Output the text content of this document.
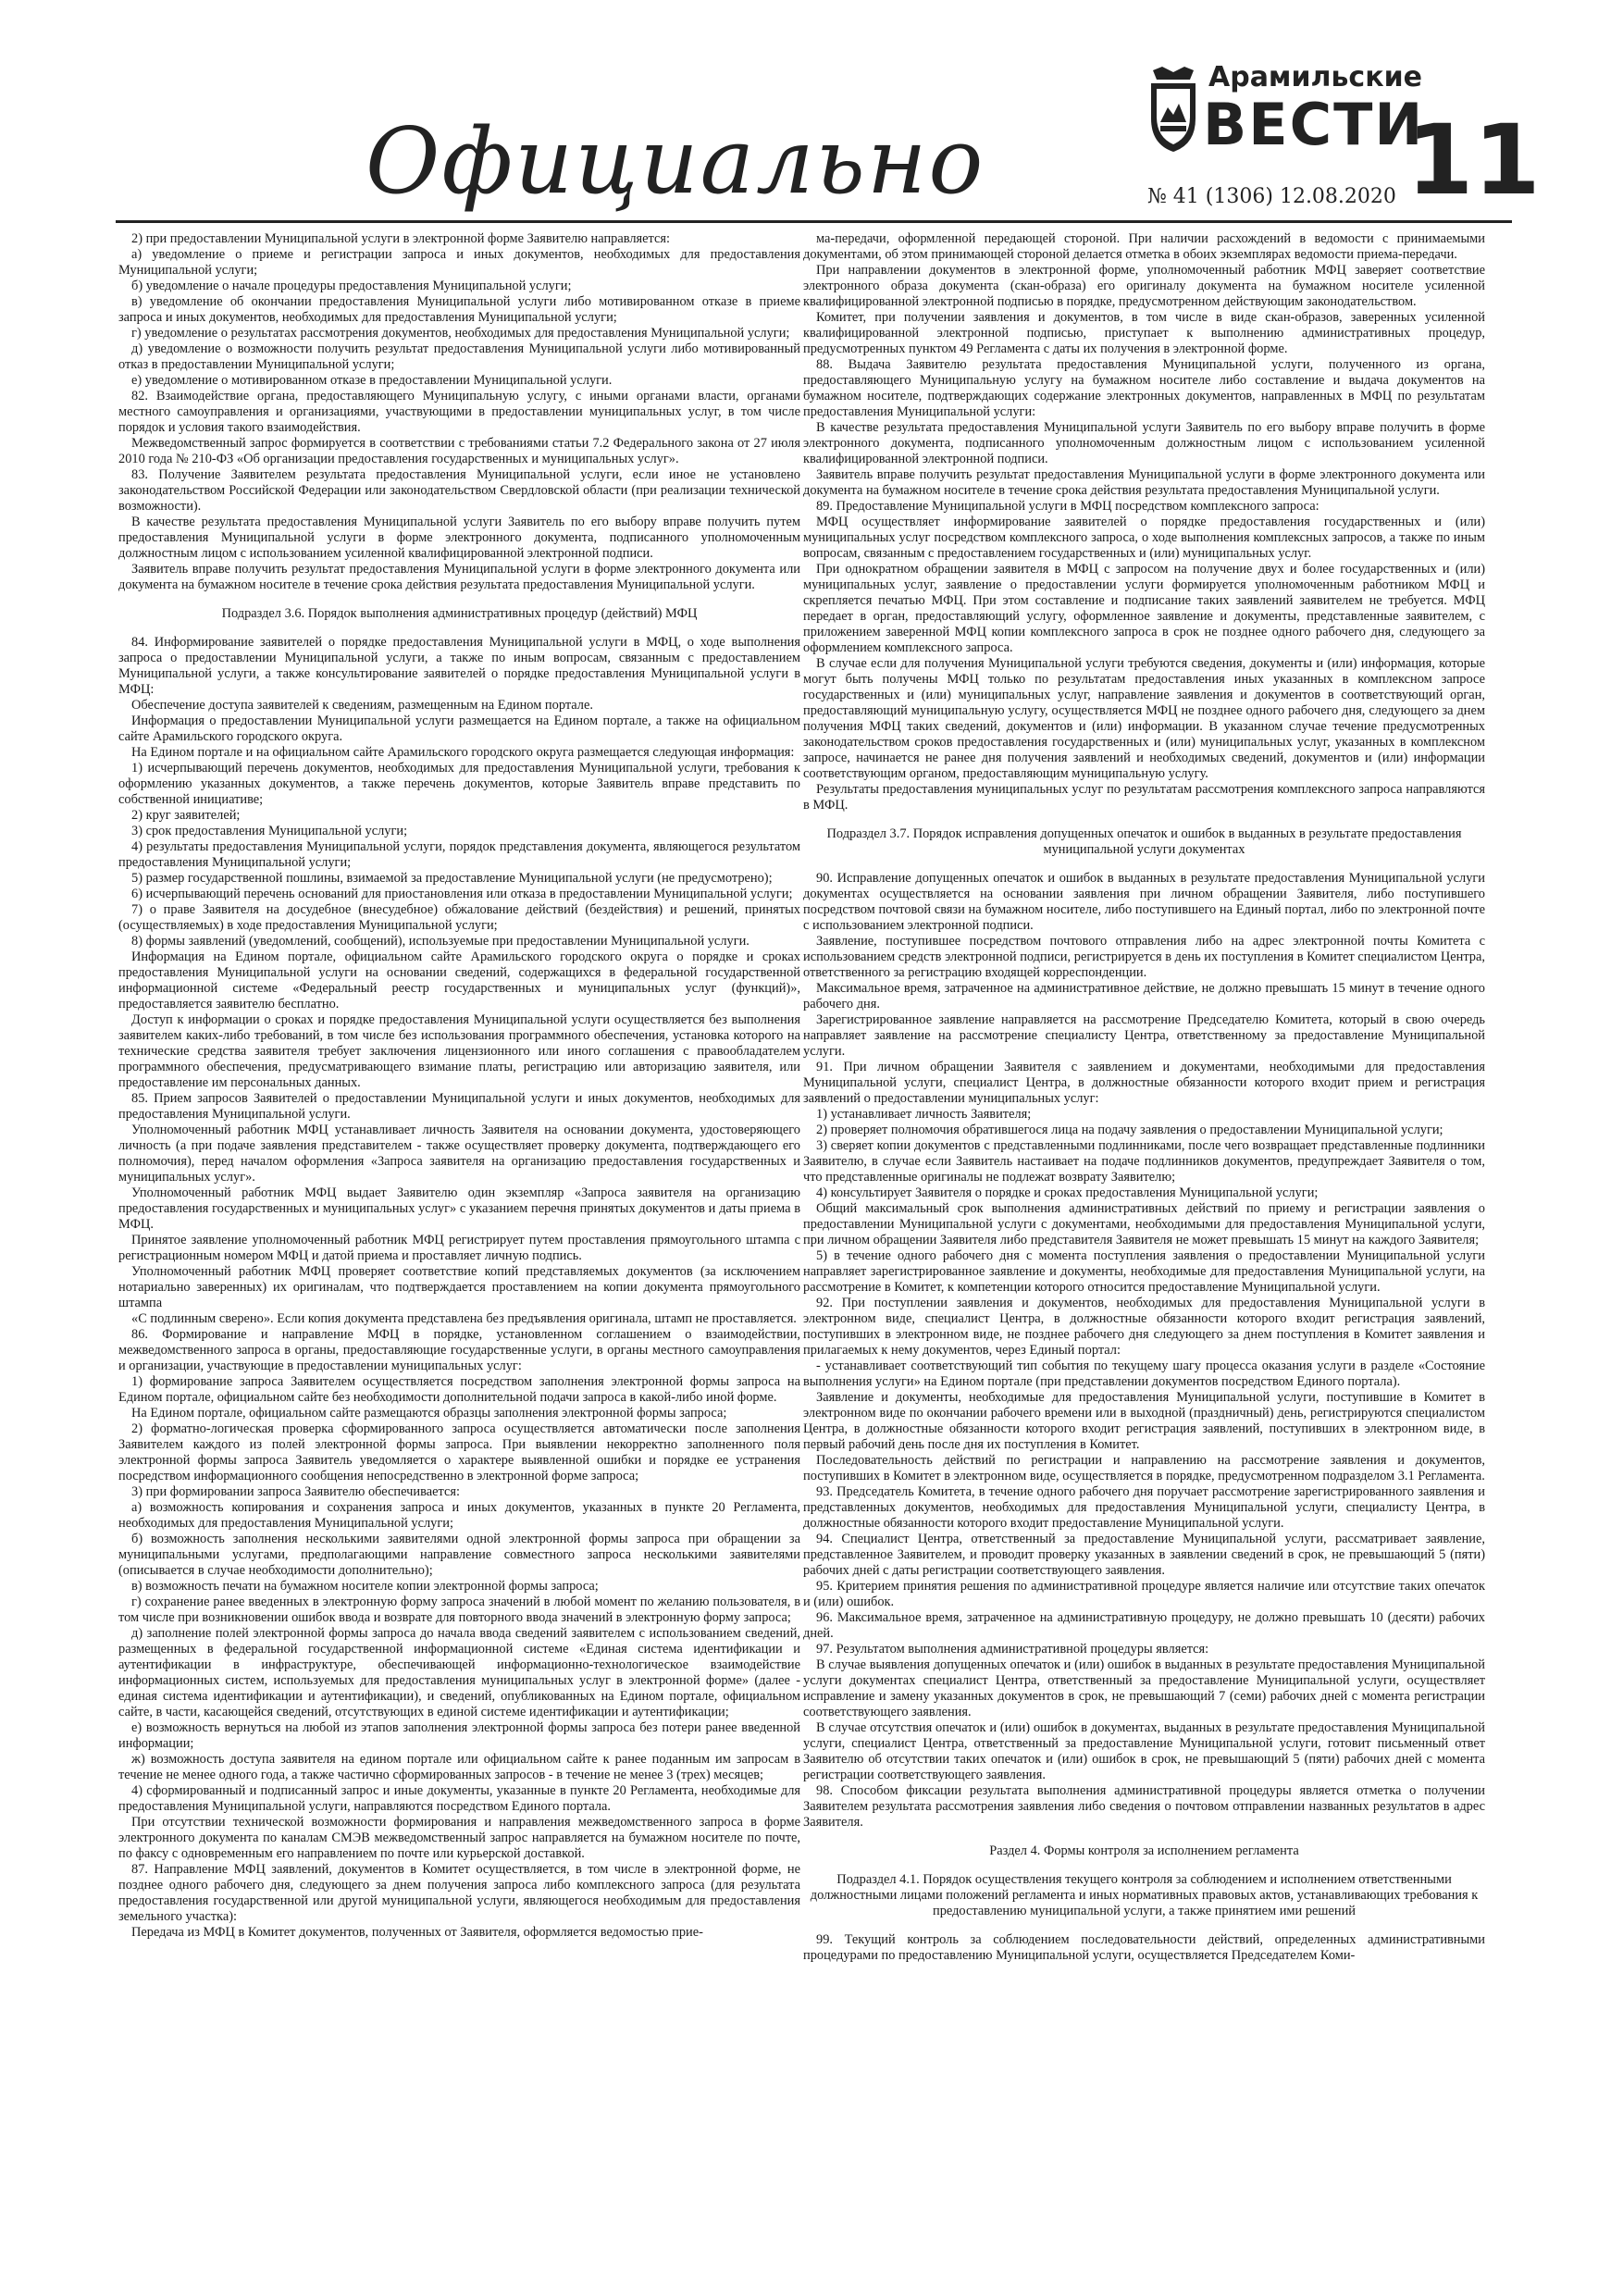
Официально
Арамильские
ВЕСТИ
№ 41 (1306) 12.08.2020 11

2) при предоставлении Муниципальной услуги в электронной форме Заявителю направляется:

а) уведомление о приеме и регистрации запроса и иных документов, необходимых для предоставления Муниципальной услуги;

б) уведомление о начале процедуры предоставления Муниципальной услуги;

в) уведомление об окончании предоставления Муниципальной услуги либо мотивированном отказе в приеме запроса и иных документов, необходимых для предоставления Муниципальной услуги;

г) уведомление о результатах рассмотрения документов, необходимых для предоставления Муниципальной услуги;

д) уведомление о возможности получить результат предоставления Муниципальной услуги либо мотивированный отказ в предоставлении Муниципальной услуги;

е) уведомление о мотивированном отказе в предоставлении Муниципальной услуги.

82. Взаимодействие органа, предоставляющего Муниципальную услугу, с иными органами власти, органами местного самоуправления и организациями, участвующими в предоставлении муниципальных услуг, в том числе порядок и условия такого взаимодействия.

Межведомственный запрос формируется в соответствии с требованиями статьи 7.2 Федерального закона от 27 июля 2010 года № 210-ФЗ «Об организации предоставления государственных и муниципальных услуг».

83. Получение Заявителем результата предоставления Муниципальной услуги, если иное не установлено законодательством Российской Федерации или законодательством Свердловской области (при реализации технической возможности).

В качестве результата предоставления Муниципальной услуги Заявитель по его выбору вправе получить путем предоставления Муниципальной услуги в форме электронного документа, подписанного уполномоченным должностным лицом с использованием усиленной квалифицированной электронной подписи.

Заявитель вправе получить результат предоставления Муниципальной услуги в форме электронного документа или документа на бумажном носителе в течение срока действия результата предоставления Муниципальной услуги.

Подраздел 3.6. Порядок выполнения административных процедур (действий) МФЦ

84. Информирование заявителей о порядке предоставления Муниципальной услуги в МФЦ, о ходе выполнения запроса о предоставлении Муниципальной услуги, а также по иным вопросам, связанным с предоставлением Муниципальной услуги, а также консультирование заявителей о порядке предоставления Муниципальной услуги в МФЦ:

Обеспечение доступа заявителей к сведениям, размещенным на Едином портале.

Информация о предоставлении Муниципальной услуги размещается на Едином портале, а также на официальном сайте Арамильского городского округа.

На Едином портале и на официальном сайте Арамильского городского округа размещается следующая информация:

1) исчерпывающий перечень документов, необходимых для предоставления Муниципальной услуги, требования к оформлению указанных документов, а также перечень документов, которые Заявитель вправе представить по собственной инициативе;

2) круг заявителей;

3) срок предоставления Муниципальной услуги;

4) результаты предоставления Муниципальной услуги, порядок представления документа, являющегося результатом предоставления Муниципальной услуги;

5) размер государственной пошлины, взимаемой за предоставление Муниципальной услуги (не предусмотрено);

6) исчерпывающий перечень оснований для приостановления или отказа в предоставлении Муниципальной услуги;

7) о праве Заявителя на досудебное (внесудебное) обжалование действий (бездействия) и решений, принятых (осуществляемых) в ходе предоставления Муниципальной услуги;

8) формы заявлений (уведомлений, сообщений), используемые при предоставлении Муниципальной услуги.

Информация на Едином портале, официальном сайте Арамильского городского округа о порядке и сроках предоставления Муниципальной услуги на основании сведений, содержащихся в федеральной государственной информационной системе «Федеральный реестр государственных и муниципальных услуг (функций)», предоставляется заявителю бесплатно.

Доступ к информации о сроках и порядке предоставления Муниципальной услуги осуществляется без выполнения заявителем каких-либо требований, в том числе без использования программного обеспечения, установка которого на технические средства заявителя требует заключения лицензионного или иного соглашения с правообладателем программного обеспечения, предусматривающего взимание платы, регистрацию или авторизацию заявителя, или предоставление им персональных данных.

85. Прием запросов Заявителей о предоставлении Муниципальной услуги и иных документов, необходимых для предоставления Муниципальной услуги.

Уполномоченный работник МФЦ устанавливает личность Заявителя на основании документа, удостоверяющего личность (а при подаче заявления представителем - также осуществляет проверку документа, подтверждающего его полномочия), перед началом оформления «Запроса заявителя на организацию предоставления государственных и муниципальных услуг».

Уполномоченный работник МФЦ выдает Заявителю один экземпляр «Запроса заявителя на организацию предоставления государственных и муниципальных услуг» с указанием перечня принятых документов и даты приема в МФЦ.

Принятое заявление уполномоченный работник МФЦ регистрирует путем проставления прямоугольного штампа с регистрационным номером МФЦ и датой приема и проставляет личную подпись.

Уполномоченный работник МФЦ проверяет соответствие копий представляемых документов (за исключением нотариально заверенных) их оригиналам, что подтверждается проставлением на копии документа прямоугольного штампа

«С подлинным сверено». Если копия документа представлена без предъявления оригинала, штамп не проставляется.

86. Формирование и направление МФЦ в порядке, установленном соглашением о взаимодействии, межведомственного запроса в органы, предоставляющие государственные услуги, в органы местного самоуправления и организации, участвующие в предоставлении муниципальных услуг:

1) формирование запроса Заявителем осуществляется посредством заполнения электронной формы запроса на Едином портале, официальном сайте без необходимости дополнительной подачи запроса в какой-либо иной форме.

На Едином портале, официальном сайте размещаются образцы заполнения электронной формы запроса;

2) форматно-логическая проверка сформированного запроса осуществляется автоматически после заполнения Заявителем каждого из полей электронной формы запроса. При выявлении некорректно заполненного поля электронной формы запроса Заявитель уведомляется о характере выявленной ошибки и порядке ее устранения посредством информационного сообщения непосредственно в электронной форме запроса;

3) при формировании запроса Заявителю обеспечивается:

а) возможность копирования и сохранения запроса и иных документов, указанных в пункте 20 Регламента, необходимых для предоставления Муниципальной услуги;

б) возможность заполнения несколькими заявителями одной электронной формы запроса при обращении за муниципальными услугами, предполагающими направление совместного запроса несколькими заявителями (описывается в случае необходимости дополнительно);

в) возможность печати на бумажном носителе копии электронной формы запроса;

г) сохранение ранее введенных в электронную форму запроса значений в любой момент по желанию пользователя, в том числе при возникновении ошибок ввода и возврате для повторного ввода значений в электронную форму запроса;

д) заполнение полей электронной формы запроса до начала ввода сведений заявителем с использованием сведений, размещенных в федеральной государственной информационной системе «Единая система идентификации и аутентификации в инфраструктуре, обеспечивающей информационно-технологическое взаимодействие информационных систем, используемых для предоставления муниципальных услуг в электронной форме» (далее - единая система идентификации и аутентификации), и сведений, опубликованных на Едином портале, официальном сайте, в части, касающейся сведений, отсутствующих в единой системе идентификации и аутентификации;

е) возможность вернуться на любой из этапов заполнения электронной формы запроса без потери ранее введенной информации;

ж) возможность доступа заявителя на едином портале или официальном сайте к ранее поданным им запросам в течение не менее одного года, а также частично сформированных запросов - в течение не менее 3 (трех) месяцев;

4) сформированный и подписанный запрос и иные документы, указанные в пункте 20 Регламента, необходимые для предоставления Муниципальной услуги, направляются посредством Единого портала.

При отсутствии технической возможности формирования и направления межведомственного запроса в форме электронного документа по каналам СМЭВ межведомственный запрос направляется на бумажном носителе по почте, по факсу с одновременным его направлением по почте или курьерской доставкой.

87. Направление МФЦ заявлений, документов в Комитет осуществляется, в том числе в электронной форме, не позднее одного рабочего дня, следующего за днем получения запроса либо комплексного запроса (для результата предоставления государственной или другой муниципальной услуги, являющегося необходимым для предоставления земельного участка):

Передача из МФЦ в Комитет документов, полученных от Заявителя, оформляется ведомостью прие-

ма-передачи, оформленной передающей стороной. При наличии расхождений в ведомости с принимаемыми документами, об этом принимающей стороной делается отметка в обоих экземплярах ведомости приема-передачи.

При направлении документов в электронной форме, уполномоченный работник МФЦ заверяет соответствие электронного образа документа (скан-образа) его оригиналу документа на бумажном носителе усиленной квалифицированной электронной подписью в порядке, предусмотренном действующим законодательством.

Комитет, при получении заявления и документов, в том числе в виде скан-образов, заверенных усиленной квалифицированной электронной подписью, приступает к выполнению административных процедур, предусмотренных пунктом 49 Регламента с даты их получения в электронной форме.

88. Выдача Заявителю результата предоставления Муниципальной услуги, полученного из органа, предоставляющего Муниципальную услугу на бумажном носителе либо составление и выдача документов на бумажном носителе, подтверждающих содержание электронных документов, направленных в МФЦ по результатам предоставления Муниципальной услуги:

В качестве результата предоставления Муниципальной услуги Заявитель по его выбору вправе получить в форме электронного документа, подписанного уполномоченным должностным лицом с использованием усиленной квалифицированной электронной подписи.

Заявитель вправе получить результат предоставления Муниципальной услуги в форме электронного документа или документа на бумажном носителе в течение срока действия результата предоставления Муниципальной услуги.

89. Предоставление Муниципальной услуги в МФЦ посредством комплексного запроса:

МФЦ осуществляет информирование заявителей о порядке предоставления государственных и (или) муниципальных услуг посредством комплексного запроса, о ходе выполнения комплексных запросов, а также по иным вопросам, связанным с предоставлением государственных и (или) муниципальных услуг.

При однократном обращении заявителя в МФЦ с запросом на получение двух и более государственных и (или) муниципальных услуг, заявление о предоставлении услуги формируется уполномоченным работником МФЦ и скрепляется печатью МФЦ. При этом составление и подписание таких заявлений заявителем не требуется. МФЦ передает в орган, предоставляющий услугу, оформленное заявление и документы, представленные заявителем, с приложением заверенной МФЦ копии комплексного запроса в срок не позднее одного рабочего дня, следующего за оформлением комплексного запроса.

В случае если для получения Муниципальной услуги требуются сведения, документы и (или) информация, которые могут быть получены МФЦ только по результатам предоставления иных указанных в комплексном запросе государственных и (или) муниципальных услуг, направление заявления и документов в соответствующий орган, предоставляющий муниципальную услугу, осуществляется МФЦ не позднее одного рабочего дня, следующего за днем получения МФЦ таких сведений, документов и (или) информации. В указанном случае течение предусмотренных законодательством сроков предоставления государственных и (или) муниципальных услуг, указанных в комплексном запросе, начинается не ранее дня получения заявлений и необходимых сведений, документов и (или) информации соответствующим органом, предоставляющим муниципальную услугу.

Результаты предоставления муниципальных услуг по результатам рассмотрения комплексного запроса направляются в МФЦ.

Подраздел 3.7. Порядок исправления допущенных опечаток и ошибок в выданных в результате предоставления муниципальной услуги документах

90. Исправление допущенных опечаток и ошибок в выданных в результате предоставления Муниципальной услуги документах осуществляется на основании заявления при личном обращении Заявителя, либо поступившего посредством почтовой связи на бумажном носителе, либо поступившего на Единый портал, либо по электронной почте с использованием электронной подписи.

Заявление, поступившее посредством почтового отправления либо на адрес электронной почты Комитета с использованием средств электронной подписи, регистрируется в день их поступления в Комитет специалистом Центра, ответственного за регистрацию входящей корреспонденции.

Максимальное время, затраченное на административное действие, не должно превышать 15 минут в течение одного рабочего дня.

Зарегистрированное заявление направляется на рассмотрение Председателю Комитета, который в свою очередь направляет заявление на рассмотрение специалисту Центра, ответственному за предоставление Муниципальной услуги.

91. При личном обращении Заявителя с заявлением и документами, необходимыми для предоставления Муниципальной услуги, специалист Центра, в должностные обязанности которого входит прием и регистрация заявлений о предоставлении муниципальных услуг:

1) устанавливает личность Заявителя;

2) проверяет полномочия обратившегося лица на подачу заявления о предоставлении Муниципальной услуги;

3) сверяет копии документов с представленными подлинниками, после чего возвращает представленные подлинники Заявителю, в случае если Заявитель настаивает на подаче подлинников документов, предупреждает Заявителя о том, что представленные оригиналы не подлежат возврату Заявителю;

4) консультирует Заявителя о порядке и сроках предоставления Муниципальной услуги;

Общий максимальный срок выполнения административных действий по приему и регистрации заявления о предоставлении Муниципальной услуги с документами, необходимыми для предоставления Муниципальной услуги, при личном обращении Заявителя либо представителя Заявителя не может превышать 15 минут на каждого Заявителя;

5) в течение одного рабочего дня с момента поступления заявления о предоставлении Муниципальной услуги направляет зарегистрированное заявление и документы, необходимые для предоставления Муниципальной услуги, на рассмотрение в Комитет, к компетенции которого относится предоставление Муниципальной услуги.

92. При поступлении заявления и документов, необходимых для предоставления Муниципальной услуги в электронном виде, специалист Центра, в должностные обязанности которого входит регистрация заявлений, поступивших в электронном виде, не позднее рабочего дня следующего за днем поступления в Комитет заявления и прилагаемых к нему документов, через Единый портал:

- устанавливает соответствующий тип события по текущему шагу процесса оказания услуги в разделе «Состояние выполнения услуги» на Едином портале (при представлении документов посредством Единого портала).

Заявление и документы, необходимые для предоставления Муниципальной услуги, поступившие в Комитет в электронном виде по окончании рабочего времени или в выходной (праздничный) день, регистрируются специалистом Центра, в должностные обязанности которого входит регистрация заявлений, поступивших в электронном виде, в первый рабочий день после дня их поступления в Комитет.

Последовательность действий по регистрации и направлению на рассмотрение заявления и документов, поступивших в Комитет в электронном виде, осуществляется в порядке, предусмотренном подразделом 3.1 Регламента.

93. Председатель Комитета, в течение одного рабочего дня поручает рассмотрение зарегистрированного заявления и представленных документов, необходимых для предоставления Муниципальной услуги, специалисту Центра, в должностные обязанности которого входит предоставление Муниципальной услуги.

94. Специалист Центра, ответственный за предоставление Муниципальной услуги, рассматривает заявление, представленное Заявителем, и проводит проверку указанных в заявлении сведений в срок, не превышающий 5 (пяти) рабочих дней с даты регистрации соответствующего заявления.

95. Критерием принятия решения по административной процедуре является наличие или отсутствие таких опечаток и (или) ошибок.

96. Максимальное время, затраченное на административную процедуру, не должно превышать 10 (десяти) рабочих дней.

97. Результатом выполнения административной процедуры является:

В случае выявления допущенных опечаток и (или) ошибок в выданных в результате предоставления Муниципальной услуги документах специалист Центра, ответственный за предоставление Муниципальной услуги, осуществляет исправление и замену указанных документов в срок, не превышающий 7 (семи) рабочих дней с момента регистрации соответствующего заявления.

В случае отсутствия опечаток и (или) ошибок в документах, выданных в результате предоставления Муниципальной услуги, специалист Центра, ответственный за предоставление Муниципальной услуги, готовит письменный ответ Заявителю об отсутствии таких опечаток и (или) ошибок в срок, не превышающий 5 (пяти) рабочих дней с момента регистрации соответствующего заявления.

98. Способом фиксации результата выполнения административной процедуры является отметка о получении Заявителем результата рассмотрения заявления либо сведения о почтовом отправлении названных результатов в адрес Заявителя.

Раздел 4. Формы контроля за исполнением регламента

Подраздел 4.1. Порядок осуществления текущего контроля за соблюдением и исполнением ответственными должностными лицами положений регламента и иных нормативных правовых актов, устанавливающих требования к предоставлению муниципальной услуги, а также принятием ими решений

99. Текущий контроль за соблюдением последовательности действий, определенных административными процедурами по предоставлению Муниципальной услуги, осуществляется Председателем Коми-
